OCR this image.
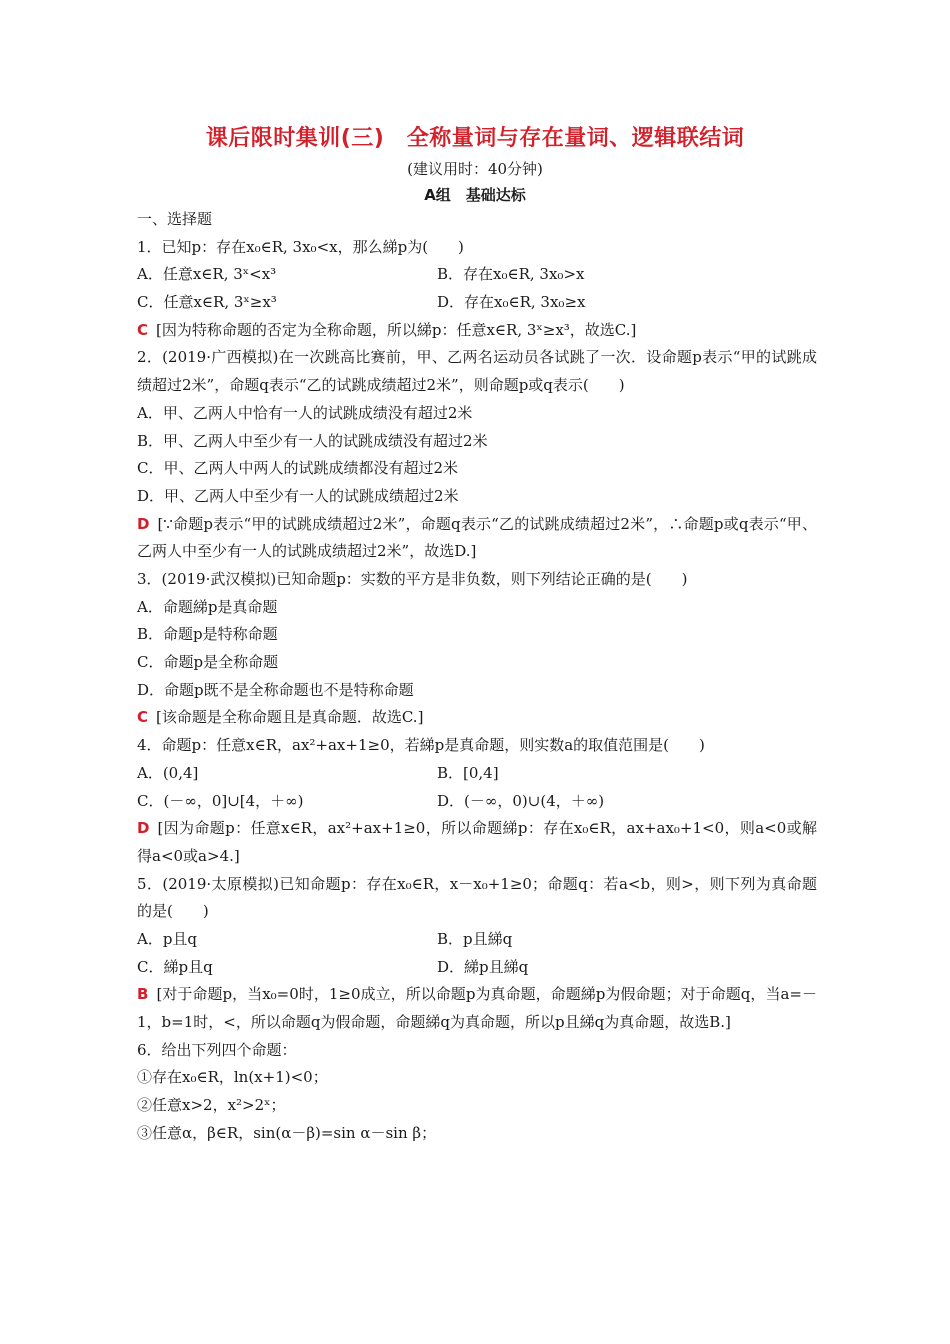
课后限时集训(三)　全称量词与存在量词、逻辑联结词
(建议用时：40分钟)
A组　基础达标
一、选择题
1．已知p：存在x₀∈R, 3x₀<x，那么綈p为(　　)
A．任意x∈R, 3ˣ<x³	B．存在x₀∈R, 3x₀>x
C．任意x∈R, 3ˣ≥x³	D．存在x₀∈R, 3x₀≥x
C [因为特称命题的否定为全称命题，所以綈p：任意x∈R, 3ˣ≥x³，故选C.]
2．(2019·广西模拟)在一次跳高比赛前，甲、乙两名运动员各试跳了一次．设命题p表示“甲的试跳成绩超过2米”，命题q表示“乙的试跳成绩超过2米”，则命题p或q表示(　　)
A．甲、乙两人中恰有一人的试跳成绩没有超过2米
B．甲、乙两人中至少有一人的试跳成绩没有超过2米
C．甲、乙两人中两人的试跳成绩都没有超过2米
D．甲、乙两人中至少有一人的试跳成绩超过2米
D [∵命题p表示“甲的试跳成绩超过2米”，命题q表示“乙的试跳成绩超过2米”，∴命题p或q表示“甲、乙两人中至少有一人的试跳成绩超过2米”，故选D.]
3．(2019·武汉模拟)已知命题p：实数的平方是非负数，则下列结论正确的是(　　)
A．命题綈p是真命题
B．命题p是特称命题
C．命题p是全称命题
D．命题p既不是全称命题也不是特称命题
C [该命题是全称命题且是真命题．故选C.]
4．命题p：任意x∈R，ax²+ax+1≥0，若綈p是真命题，则实数a的取值范围是(　　)
A．(0,4]	B．[0,4]
C．(－∞，0]∪[4，＋∞)	D．(－∞，0)∪(4，＋∞)
D [因为命题p：任意x∈R，ax²+ax+1≥0，所以命题綈p：存在x₀∈R，ax+ax₀+1<0，则a<0或解得a<0或a>4.]
5．(2019·太原模拟)已知命题p：存在x₀∈R，x－x₀+1≥0；命题q：若a<b，则>，则下列为真命题的是(　　)
A．p且q	B．p且綈q
C．綈p且q	D．綈p且綈q
B [对于命题p，当x₀=0时，1≥0成立，所以命题p为真命题，命题綈p为假命题；对于命题q，当a=－1，b=1时，<，所以命题q为假命题，命题綈q为真命题，所以p且綈q为真命题，故选B.]
6．给出下列四个命题：
①存在x₀∈R，ln(x+1)<0；
②任意x>2，x²>2ˣ；
③任意α，β∈R，sin(α－β)=sin α－sin β；
